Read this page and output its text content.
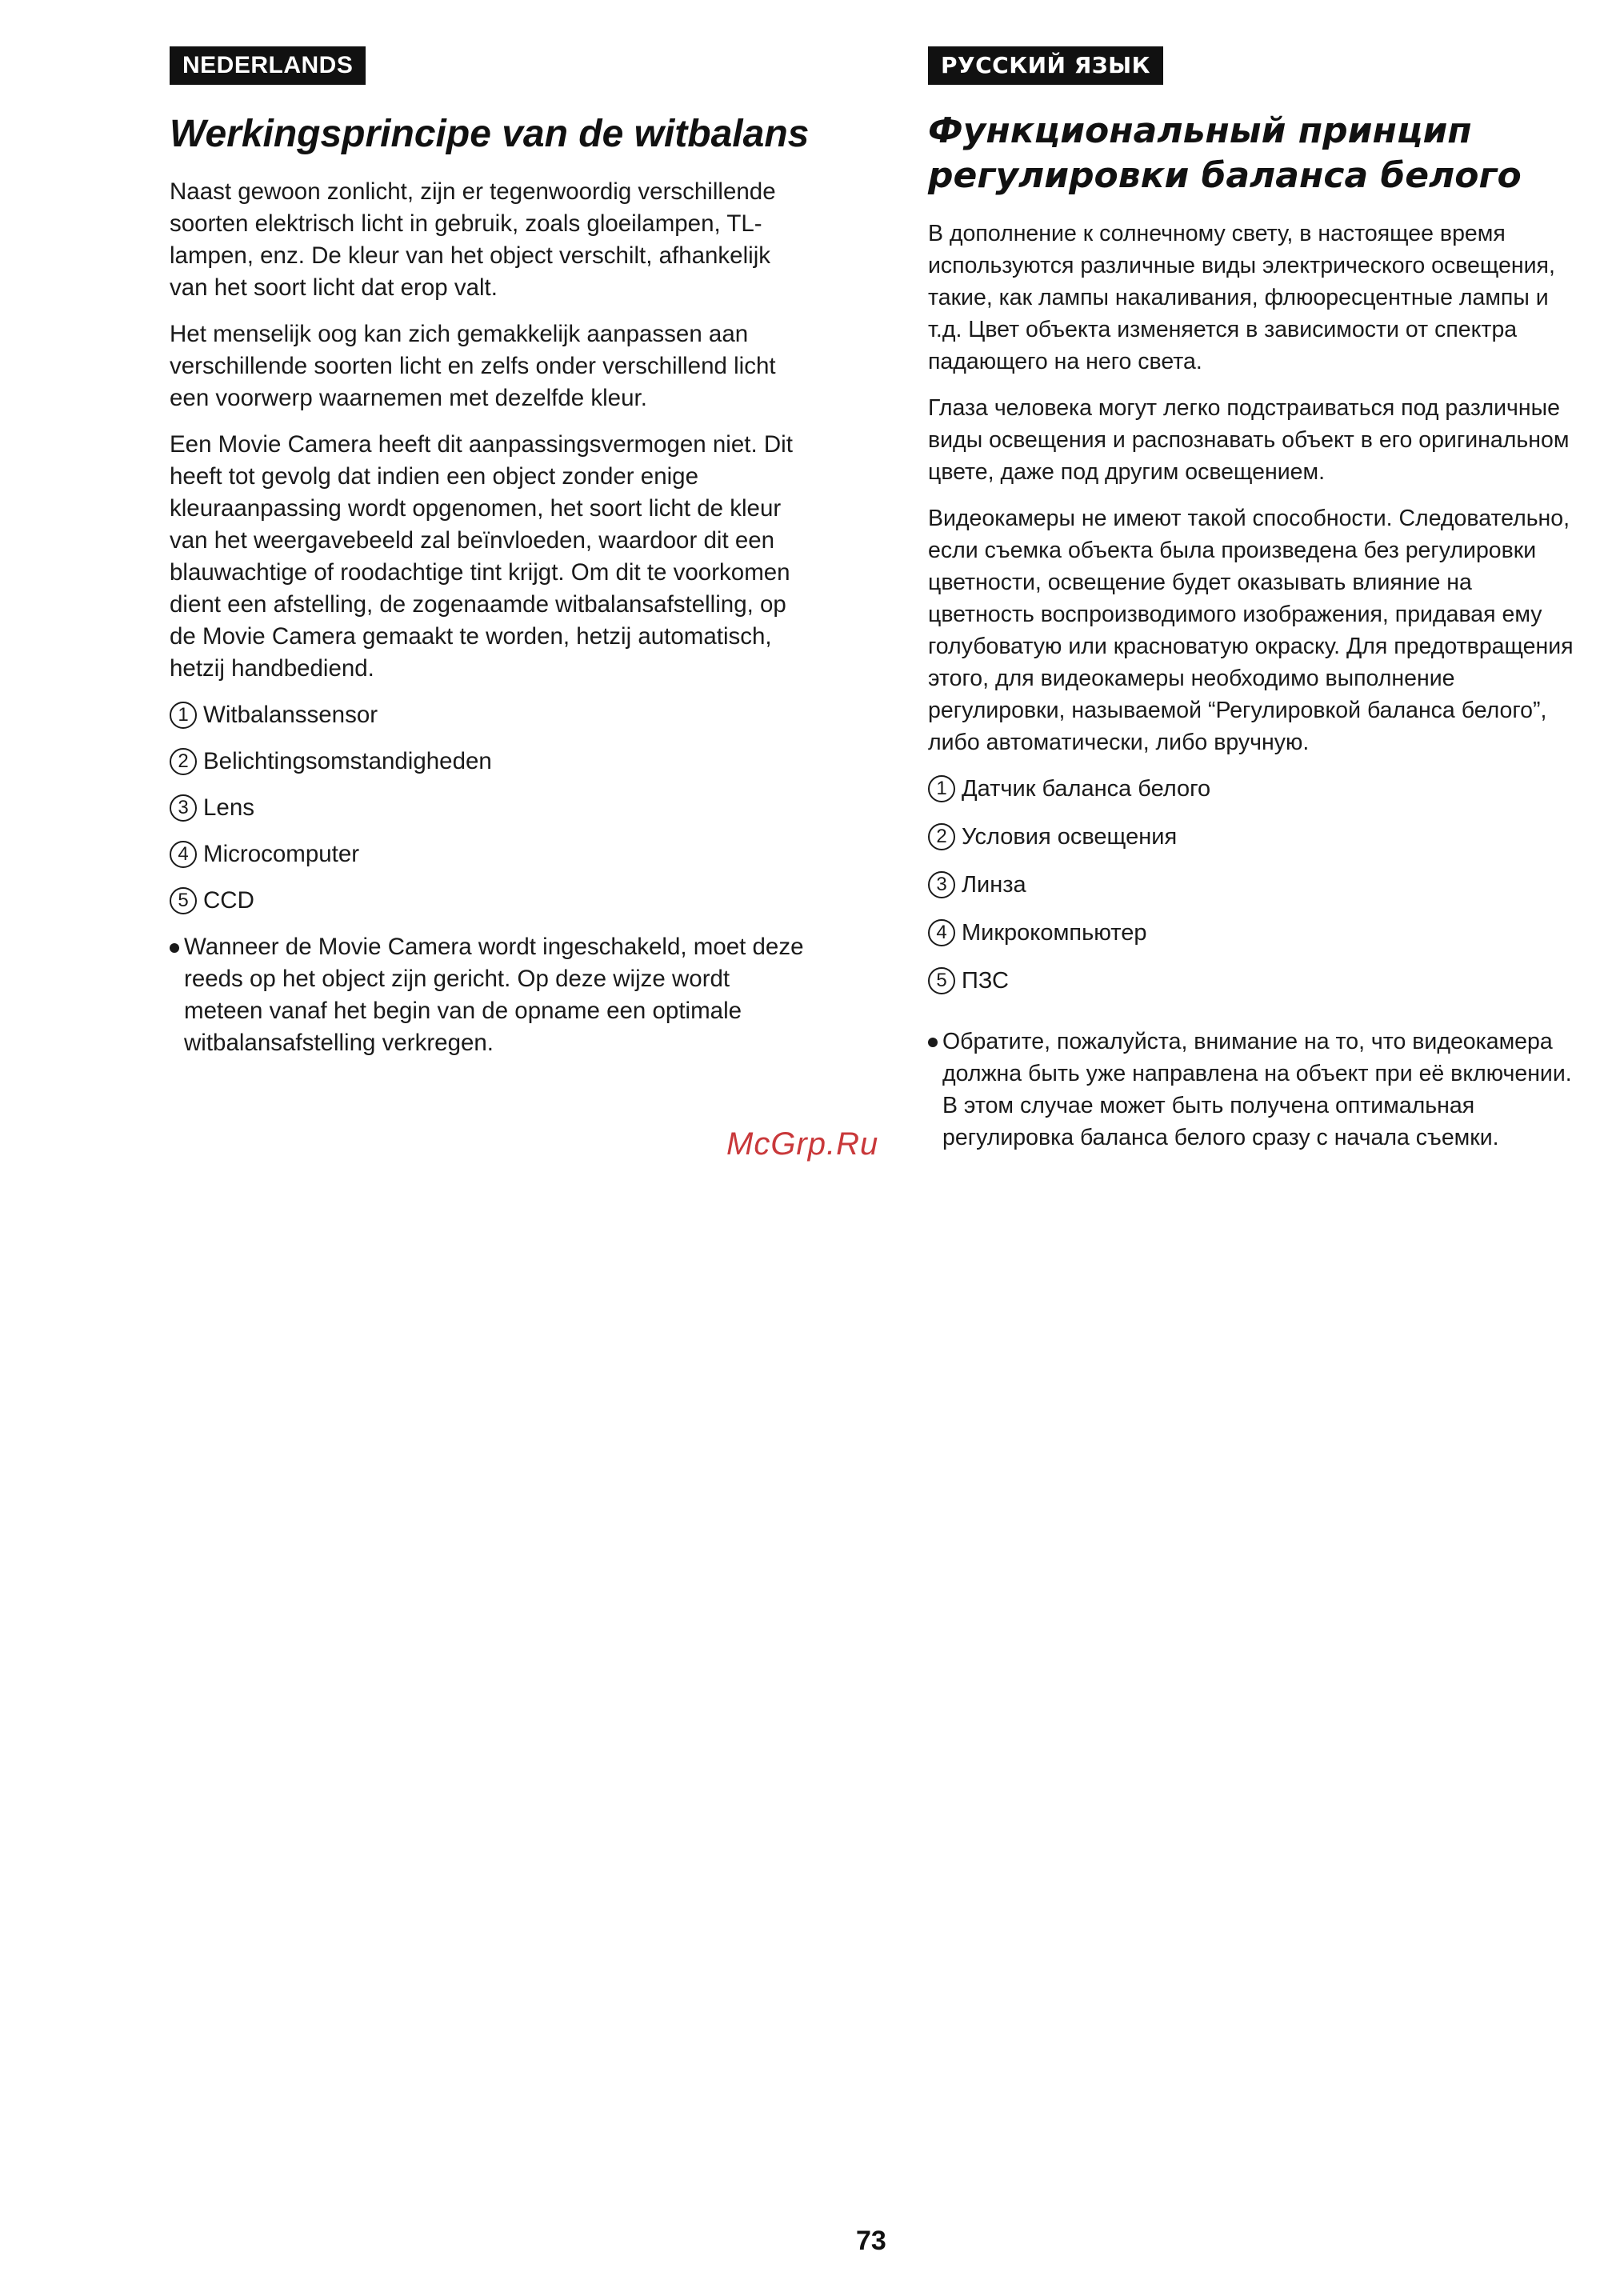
NEDERLANDS
Werkingsprincipe van de witbalans

Naast gewoon zonlicht, zijn er tegenwoordig verschillende soorten elektrisch licht in gebruik, zoals gloeilampen, TL-lampen, enz. De kleur van het object verschilt, afhankelijk van het soort licht dat erop valt.

Het menselijk oog kan zich gemakkelijk aanpassen aan verschillende soorten licht en zelfs onder verschillend licht een voorwerp waarnemen met dezelfde kleur.

Een Movie Camera heeft dit aanpassingsvermogen niet. Dit heeft tot gevolg dat indien een object zonder enige kleuraanpassing wordt opgenomen, het soort licht de kleur van het weergavebeeld zal beïnvloeden, waardoor dit een blauwachtige of roodachtige tint krijgt. Om dit te voorkomen dient een afstelling, de zogenaamde witbalansafstelling, op de Movie Camera gemaakt te worden, hetzij automatisch, hetzij handbediend.

1 Witbalanssensor
2 Belichtingsomstandigheden
3 Lens
4 Microcomputer
5 CCD

Wanneer de Movie Camera wordt ingeschakeld, moet deze reeds op het object zijn gericht. Op deze wijze wordt meteen vanaf het begin van de opname een optimale witbalansafstelling verkregen.

РУССКИЙ ЯЗЫК
Функциональный принцип регулировки баланса белого

В дополнение к солнечному свету, в настоящее время используются различные виды электрического освещения, такие, как лампы накаливания, флюоресцентные лампы и т.д. Цвет объекта изменяется в зависимости от спектра падающего на него света.

Глаза человека могут легко подстраиваться под различные виды освещения и распознавать объект в его оригинальном цвете, даже под другим освещением.

Видеокамеры не имеют такой способности. Следовательно, если съемка объекта была произведена без регулировки цветности, освещение будет оказывать влияние на цветность воспроизводимого изображения, придавая ему голубоватую или красноватую окраску. Для предотвращения этого, для видеокамеры необходимо выполнение регулировки, называемой “Регулировкой баланса белого”, либо автоматически, либо вручную.

1 Датчик баланса белого
2 Условия освещения
3 Линза
4 Микрокомпьютер
5 ПЗС

Обратите, пожалуйста, внимание на то, что видеокамера должна быть уже направлена на объект при её включении. В этом случае может быть получена оптимальная регулировка баланса белого сразу с начала съемки.

McGrp.Ru
73
